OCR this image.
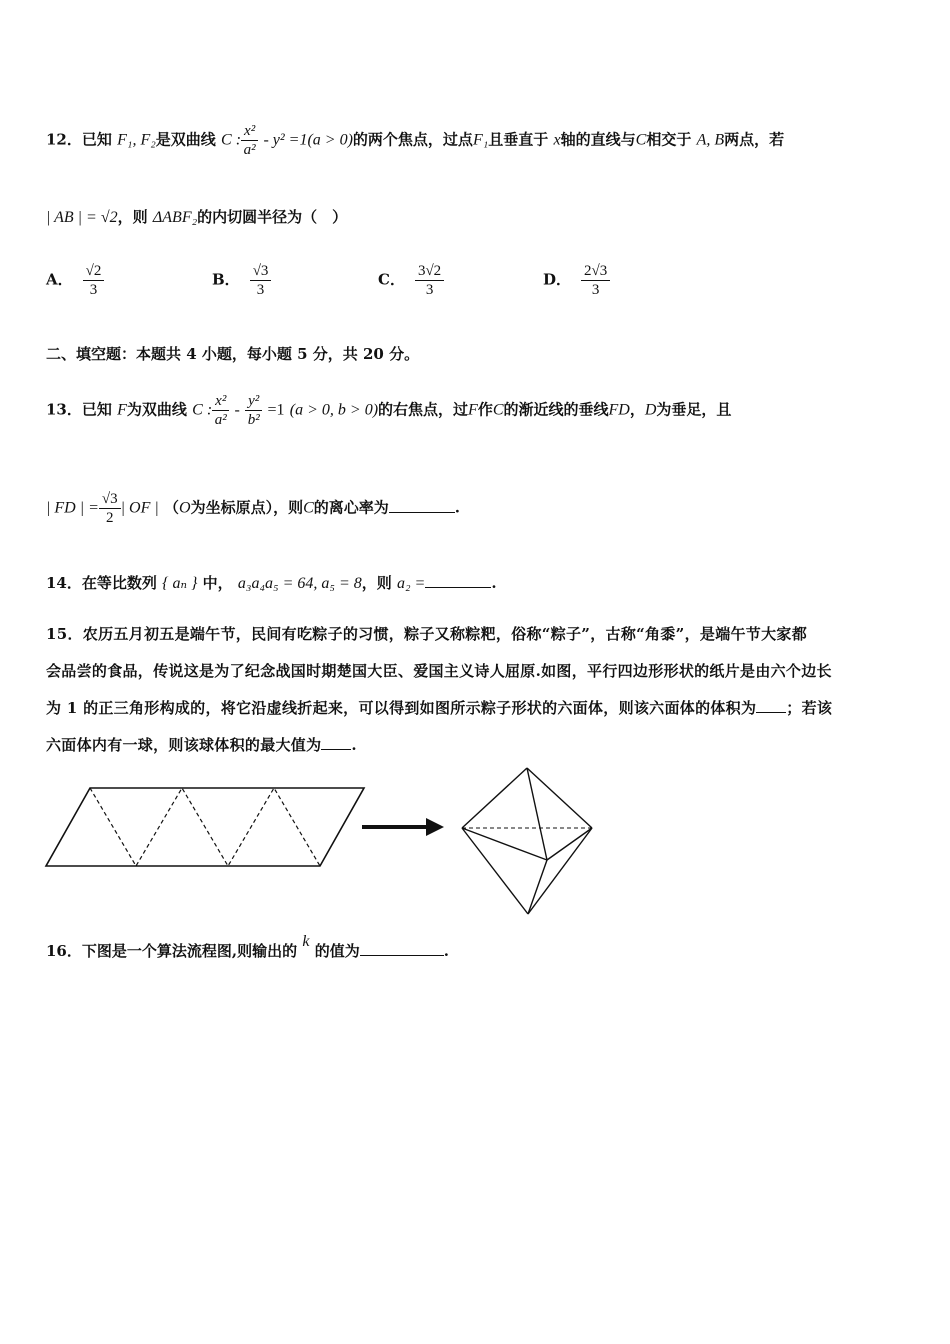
12．已知 F₁, F₂是双曲线 C : $\frac{\text{x²}}{\text{a²}} - y^2 =1(a > 0)$的两个焦点，过点F₁且垂直于 x轴的直线与C相交于 A, B两点，若
| AB | = √2，则 ΔABF₂的内切圆半径为（　）
A． $\frac{√2}{3}$	B． $\frac{√3}{3}$	C． $\frac{3√2}{3}$	D． $\frac{2√3}{3}$
二、填空题：本题共 4 小题，每小题 5 分，共 20 分。
13．已知 F为双曲线 C : $\frac{\text{x²}}{\text{a²}} - \frac{\text{y²}}{\text{b²}} =1$ (a > 0, b > 0)的右焦点，过F作C的渐近线的垂线FD，D为垂足，且
| FD | = $\frac{√3}{2}$ | OF | （O为坐标原点），则C的离心率为	.
14．在等比数列 { aₙ } 中， a₃a₄a₅ = 64, a₅ = 8，则 a₂ =	.
15．农历五月初五是端午节，民间有吃粽子的习惯，粽子又称粽粑，俗称“粽子”，古称“角黍”，是端午节大家都
会品尝的食品，传说这是为了纪念战国时期楚国大臣、爱国主义诗人屈原.如图，平行四边形形状的纸片是由六个边长
为 1 的正三角形构成的，将它沿虚线折起来，可以得到如图所示粽子形状的六面体，则该六面体的体积为 ；若该
六面体内有一球，则该球体积的最大值为 .
16．下图是一个算法流程图,则输出的 k 的值为	.
